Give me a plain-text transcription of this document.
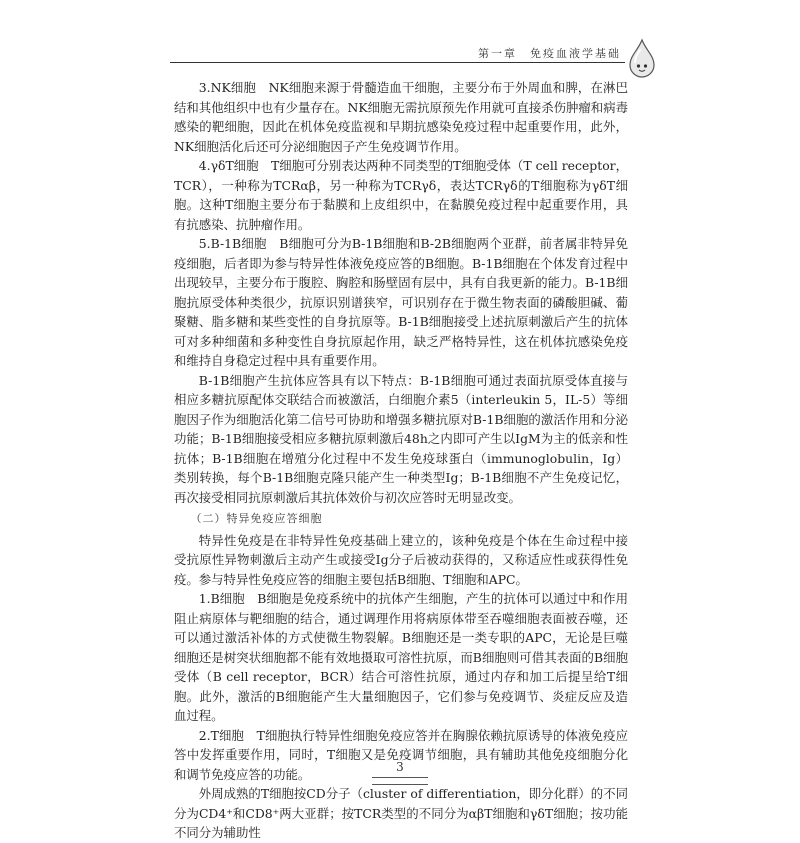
第一章　免疫血液学基础

3.NK细胞　NK细胞来源于骨髓造血干细胞，主要分布于外周血和脾，在淋巴结和其他组织中也有少量存在。NK细胞无需抗原预先作用就可直接杀伤肿瘤和病毒感染的靶细胞，因此在机体免疫监视和早期抗感染免疫过程中起重要作用，此外，NK细胞活化后还可分泌细胞因子产生免疫调节作用。

4.γδT细胞　T细胞可分别表达两种不同类型的T细胞受体（T cell receptor，TCR），一种称为TCRαβ，另一种称为TCRγδ，表达TCRγδ的T细胞称为γδT细胞。这种T细胞主要分布于黏膜和上皮组织中，在黏膜免疫过程中起重要作用，具有抗感染、抗肿瘤作用。

5.B-1B细胞　B细胞可分为B-1B细胞和B-2B细胞两个亚群，前者属非特异免疫细胞，后者即为参与特异性体液免疫应答的B细胞。B-1B细胞在个体发育过程中出现较早，主要分布于腹腔、胸腔和肠壁固有层中，具有自我更新的能力。B-1B细胞抗原受体种类很少，抗原识别谱狭窄，可识别存在于微生物表面的磷酸胆碱、葡聚糖、脂多糖和某些变性的自身抗原等。B-1B细胞接受上述抗原刺激后产生的抗体可对多种细菌和多种变性自身抗原起作用，缺乏严格特异性，这在机体抗感染免疫和维持自身稳定过程中具有重要作用。

B-1B细胞产生抗体应答具有以下特点：B-1B细胞可通过表面抗原受体直接与相应多糖抗原配体交联结合而被激活，白细胞介素5（interleukin 5，IL-5）等细胞因子作为细胞活化第二信号可协助和增强多糖抗原对B-1B细胞的激活作用和分泌功能；B-1B细胞接受相应多糖抗原刺激后48h之内即可产生以IgM为主的低亲和性抗体；B-1B细胞在增殖分化过程中不发生免疫球蛋白（immunoglobulin，Ig）类别转换，每个B-1B细胞克隆只能产生一种类型Ig；B-1B细胞不产生免疫记忆，再次接受相同抗原刺激后其抗体效价与初次应答时无明显改变。

（二）特异免疫应答细胞

特异性免疫是在非特异性免疫基础上建立的，该种免疫是个体在生命过程中接受抗原性异物刺激后主动产生或接受Ig分子后被动获得的，又称适应性或获得性免疫。参与特异性免疫应答的细胞主要包括B细胞、T细胞和APC。

1.B细胞　B细胞是免疫系统中的抗体产生细胞，产生的抗体可以通过中和作用阻止病原体与靶细胞的结合，通过调理作用将病原体带至吞噬细胞表面被吞噬，还可以通过激活补体的方式使微生物裂解。B细胞还是一类专职的APC，无论是巨噬细胞还是树突状细胞都不能有效地摄取可溶性抗原，而B细胞则可借其表面的B细胞受体（B cell receptor，BCR）结合可溶性抗原，通过内存和加工后提呈给T细胞。此外，激活的B细胞能产生大量细胞因子，它们参与免疫调节、炎症反应及造血过程。

2.T细胞　T细胞执行特异性细胞免疫应答并在胸腺依赖抗原诱导的体液免疫应答中发挥重要作用，同时，T细胞又是免疫调节细胞，具有辅助其他免疫细胞分化和调节免疫应答的功能。

外周成熟的T细胞按CD分子（cluster of differentiation，即分化群）的不同分为CD4⁺和CD8⁺两大亚群；按TCR类型的不同分为αβT细胞和γδT细胞；按功能不同分为辅助性

3
